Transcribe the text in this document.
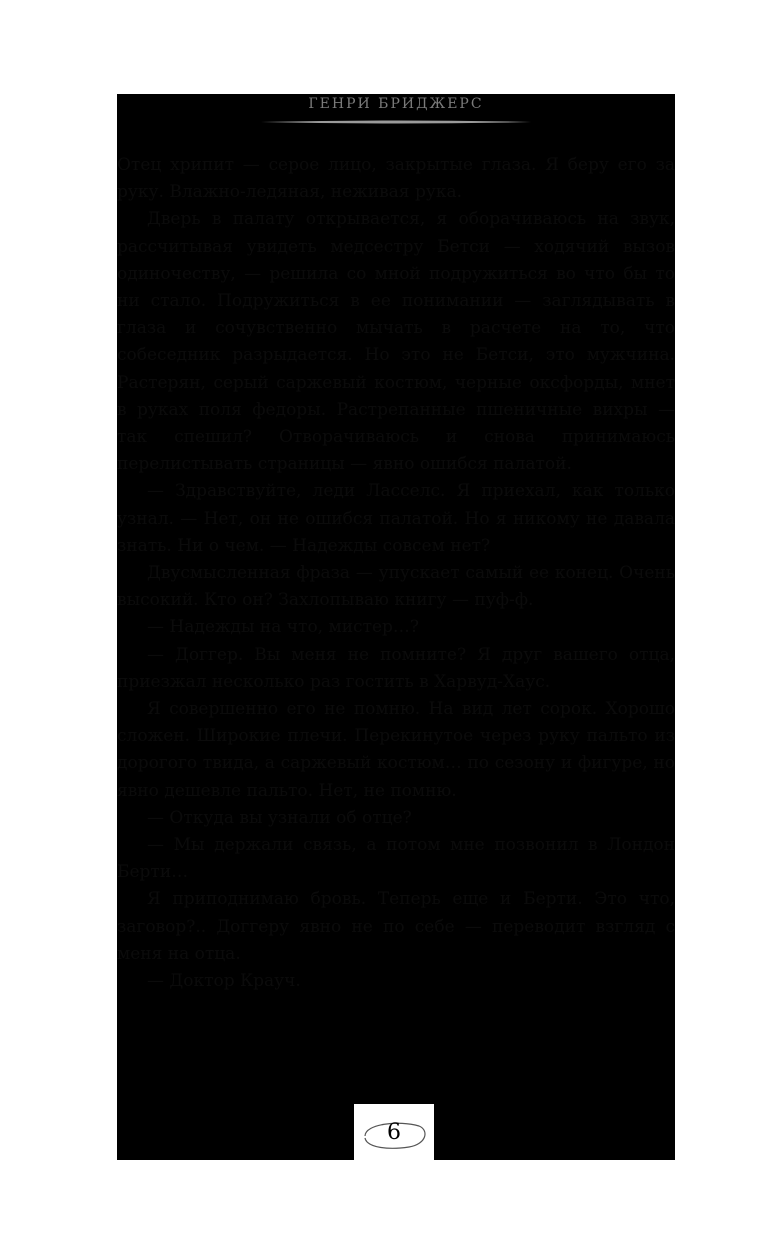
ГЕНРИ БРИДЖЕРС

Отец хрипит — серое лицо, закрытые глаза. Я беру его за руку. Влажно-ледяная, неживая рука.

Дверь в палату открывается, я оборачиваюсь на звук, рассчитывая увидеть медсестру Бетси — ходячий вызов одиночеству, — решила со мной подружиться во что бы то ни стало. Подружиться в ее понимании — заглядывать в глаза и сочувственно мычать в расчете на то, что собеседник разрыдается. Но это не Бетси, это мужчина. Растерян, серый саржевый костюм, черные оксфорды, мнет в руках поля федоры. Растрепанные пшеничные вихры — так спешил? Отворачиваюсь и снова принимаюсь перелистывать страницы — явно ошибся палатой.

— Здравствуйте, леди Ласселс. Я приехал, как только узнал. — Нет, он не ошибся палатой. Но я никому не давала знать. Ни о чем. — Надежды совсем нет?

Двусмысленная фраза — упускает самый ее конец. Очень высокий. Кто он? Захлопываю книгу — пуф-ф.

— Надежды на что, мистер…?

— Доггер. Вы меня не помните? Я друг вашего отца, приезжал несколько раз гостить в Харвуд-Хаус.

Я совершенно его не помню. На вид лет сорок. Хорошо сложен. Широкие плечи. Перекинутое через руку пальто из дорогого твида, а саржевый костюм… по сезону и фигуре, но явно дешевле пальто. Нет, не помню.

— Откуда вы узнали об отце?

— Мы держали связь, а потом мне позвонил в Лондон Берти…

Я приподнимаю бровь. Теперь еще и Берти. Это что, заговор?.. Доггеру явно не по себе — переводит взгляд с меня на отца.

— Доктор Крауч.

6
